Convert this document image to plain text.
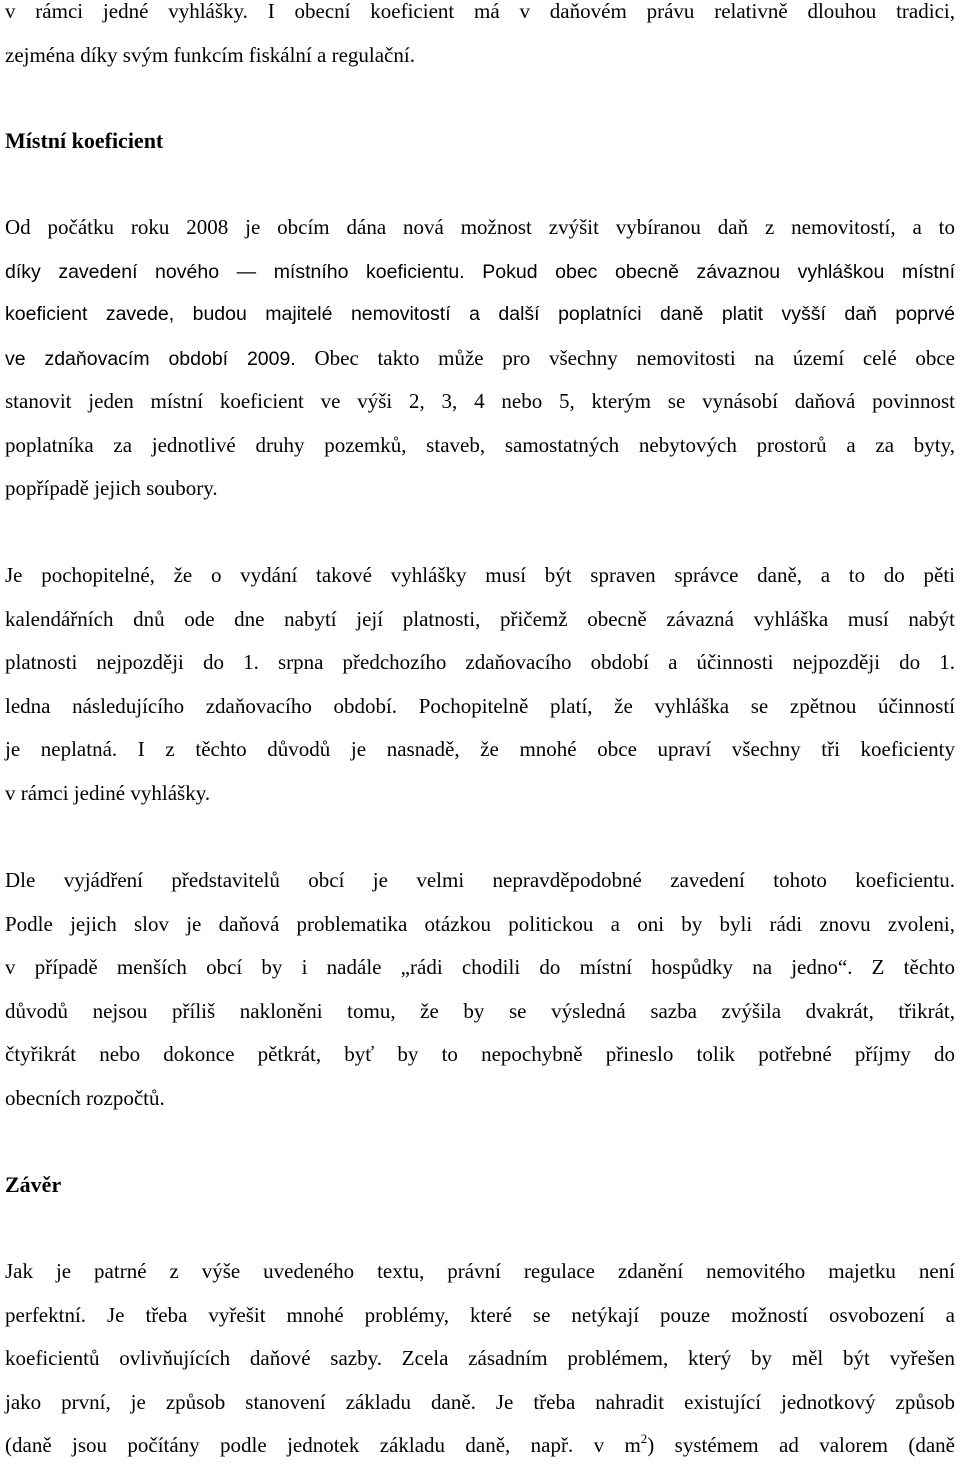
v rámci jedné vyhlášky. I obecní koeficient má v daňovém právu relativně dlouhou tradici,
zejména díky svým funkcím fiskální a regulační.
Místní koeficient
Od počátku roku 2008 je obcím dána nová možnost zvýšit vybíranou daň z nemovitostí, a to
díky zavedení nového — místního koeficientu. Pokud obec obecně závaznou vyhláškou místní
koeficient zavede, budou majitelé nemovitostí a další poplatníci daně platit vyšší daň poprvé
ve zdaňovacím období 2009. Obec takto může pro všechny nemovitosti na území celé obce
stanovit jeden místní koeficient ve výši 2, 3, 4 nebo 5, kterým se vynásobí daňová povinnost
poplatníka za jednotlivé druhy pozemků, staveb, samostatných nebytových prostorů a za byty,
popřípadě jejich soubory.
Je pochopitelné, že o vydání takové vyhlášky musí být spraven správce daně, a to do pěti
kalendářních dnů ode dne nabytí její platnosti, přičemž obecně závazná vyhláška musí nabýt
platnosti nejpozději do 1. srpna předchozího zdaňovacího období a účinnosti nejpozději do 1.
ledna následujícího zdaňovacího období. Pochopitelně platí, že vyhláška se zpětnou účinností
je neplatná. I z těchto důvodů je nasnadě, že mnohé obce upraví všechny tři koeficienty
v rámci jediné vyhlášky.
Dle vyjádření představitelů obcí je velmi nepravděpodobné zavedení tohoto koeficientu.
Podle jejich slov je daňová problematika otázkou politickou a oni by byli rádi znovu zvoleni,
v případě menších obcí by i nadále „rádi chodili do místní hospůdky na jedno“. Z těchto
důvodů nejsou příliš nakloněni tomu, že by se výsledná sazba zvýšila dvakrát, třikrát,
čtyřikrát nebo dokonce pětkrát, byť by to nepochybně přineslo tolik potřebné příjmy do
obecních rozpočtů.
Závěr
Jak je patrné z výše uvedeného textu, právní regulace zdanění nemovitého majetku není
perfektní. Je třeba vyřešit mnohé problémy, které se netýkají pouze možností osvobození a
koeficientů ovlivňujících daňové sazby. Zcela zásadním problémem, který by měl být vyřešen
jako první, je způsob stanovení základu daně. Je třeba nahradit existující jednotkový způsob
(daně jsou počítány podle jednotek základu daně, např. v $m^2$) systémem ad valorem (daně
